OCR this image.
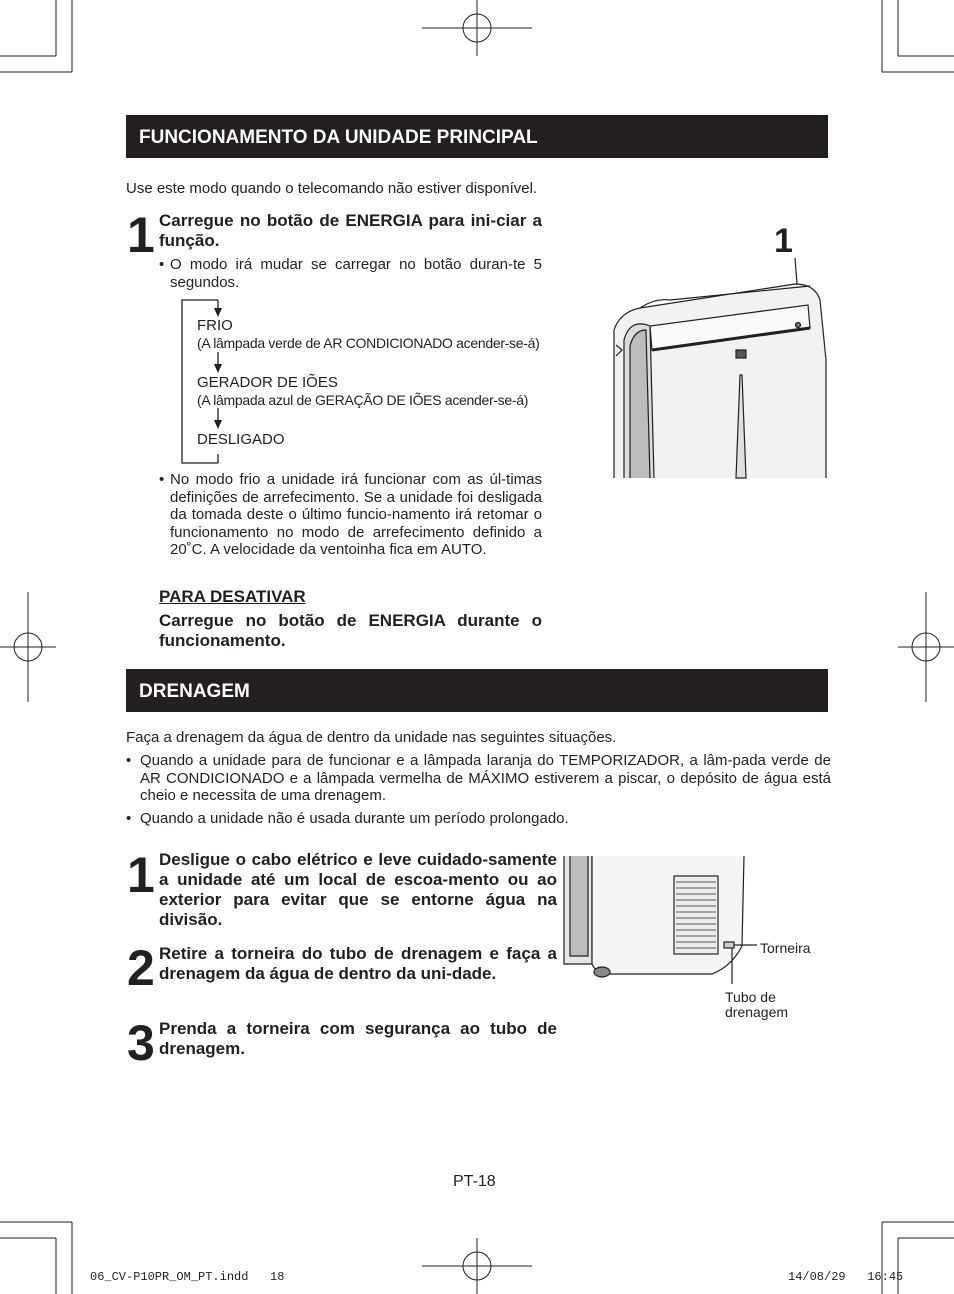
FUNCIONAMENTO DA UNIDADE PRINCIPAL
Use este modo quando o telecomando não estiver disponível.
1 Carregue no botão de ENERGIA para ini-ciar a função.
• O modo irá mudar se carregar no botão duran-te 5 segundos.
FRIO
(A lâmpada verde de AR CONDICIONADO acender-se-á)
GERADOR DE IÕES
(A lâmpada azul de GERAÇÃO DE IÕES acender-se-á)
DESLIGADO
• No modo frio a unidade irá funcionar com as úl-timas definições de arrefecimento. Se a unidade foi desligada da tomada deste o último funcio-namento irá retomar o funcionamento no modo de arrefecimento definido a 20˚C. A velocidade da ventoinha fica em AUTO.
PARA DESATIVAR
Carregue no botão de ENERGIA durante o funcionamento.
1
DRENAGEM
Faça a drenagem da água de dentro da unidade nas seguintes situações.
• Quando a unidade para de funcionar e a lâmpada laranja do TEMPORIZADOR, a lâm-pada verde de AR CONDICIONADO e a lâmpada vermelha de MÁXIMO estiverem a piscar, o depósito de água está cheio e necessita de uma drenagem.
• Quando a unidade não é usada durante um período prolongado.
1 Desligue o cabo elétrico e leve cuidado-samente a unidade até um local de escoa-mento ou ao exterior para evitar que se entorne água na divisão.
2 Retire a torneira do tubo de drenagem e faça a drenagem da água de dentro da uni-dade.
3 Prenda a torneira com segurança ao tubo de drenagem.
Torneira
Tubo de drenagem
PT-18
06_CV-P10PR_OM_PT.indd   18	14/08/29   16:45
